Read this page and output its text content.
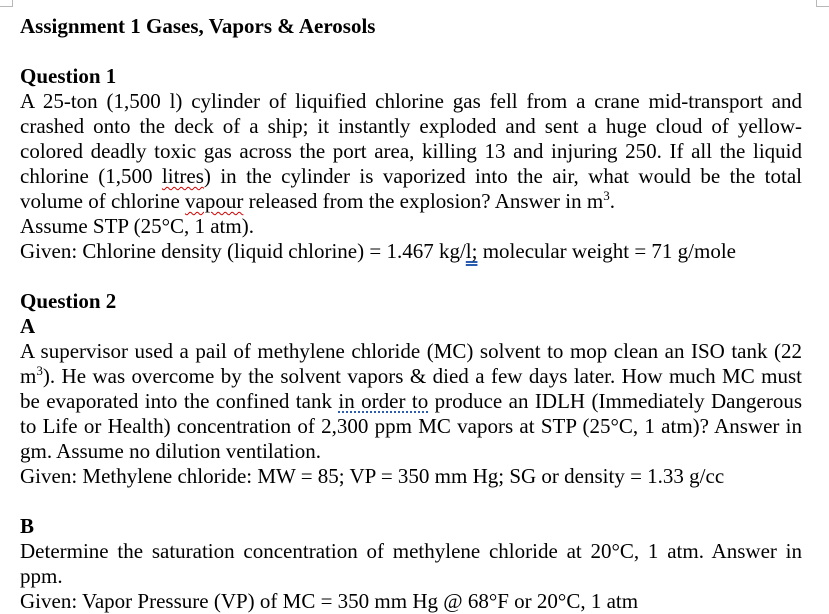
Assignment 1 Gases, Vapors & Aerosols

Question 1

A 25-ton (1,500 l) cylinder of liquified chlorine gas fell from a crane mid-transport and crashed onto the deck of a ship; it instantly exploded and sent a huge cloud of yellow-colored deadly toxic gas across the port area, killing 13 and injuring 250. If all the liquid chlorine (1,500 litres) in the cylinder is vaporized into the air, what would be the total volume of chlorine vapour released from the explosion? Answer in $m^3$.

Assume STP (25°C, 1 atm).

Given: Chlorine density (liquid chlorine) = 1.467 kg/l; molecular weight = 71 g/mole

Question 2

A

A supervisor used a pail of methylene chloride (MC) solvent to mop clean an ISO tank (22 $m^3$). He was overcome by the solvent vapors & died a few days later. How much MC must be evaporated into the confined tank in order to produce an IDLH (Immediately Dangerous to Life or Health) concentration of 2,300 ppm MC vapors at STP (25°C, 1 atm)? Answer in gm. Assume no dilution ventilation.

Given: Methylene chloride: MW = 85; VP = 350 mm Hg; SG or density = 1.33 g/cc

B

Determine the saturation concentration of methylene chloride at 20°C, 1 atm. Answer in ppm.

Given: Vapor Pressure (VP) of MC = 350 mm Hg @ 68°F or 20°C, 1 atm
